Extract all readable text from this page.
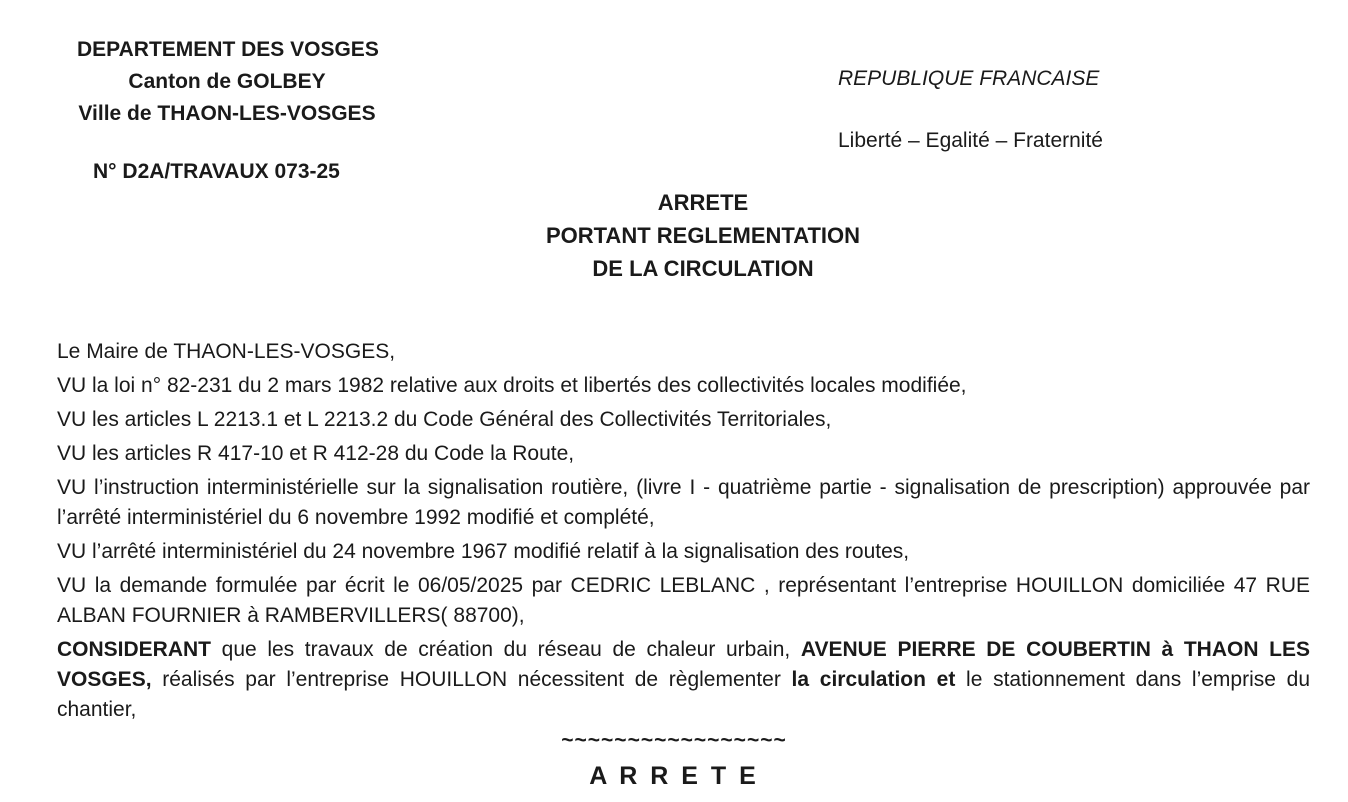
DEPARTEMENT DES VOSGES
Canton de GOLBEY
Ville de THAON-LES-VOSGES
N° D2A/TRAVAUX 073-25
REPUBLIQUE FRANCAISE
Liberté – Egalité – Fraternité
ARRETE
PORTANT REGLEMENTATION
DE LA CIRCULATION

Le Maire de THAON-LES-VOSGES,

VU la loi n° 82-231 du 2 mars 1982 relative aux droits et libertés des collectivités locales modifiée,

VU les articles L 2213.1 et L 2213.2 du Code Général des Collectivités Territoriales,

VU les articles R 417-10 et R 412-28 du Code la Route,

VU l’instruction interministérielle sur la signalisation routière, (livre I - quatrième partie - signalisation de prescription) approuvée par l’arrêté interministériel du 6 novembre 1992 modifié et complété,

VU l’arrêté interministériel du 24 novembre 1967 modifié relatif à la signalisation des routes,

VU la demande formulée par écrit le 06/05/2025 par CEDRIC LEBLANC , représentant l’entreprise HOUILLON domiciliée 47 RUE ALBAN FOURNIER à RAMBERVILLERS( 88700),

CONSIDERANT que les travaux de création du réseau de chaleur urbain, AVENUE PIERRE DE COUBERTIN à THAON LES VOSGES, réalisés par l’entreprise HOUILLON nécessitent de règlementer la circulation et le stationnement dans l’emprise du chantier,

~~~~~~~~~~~~~~~~~
A R R E T E
